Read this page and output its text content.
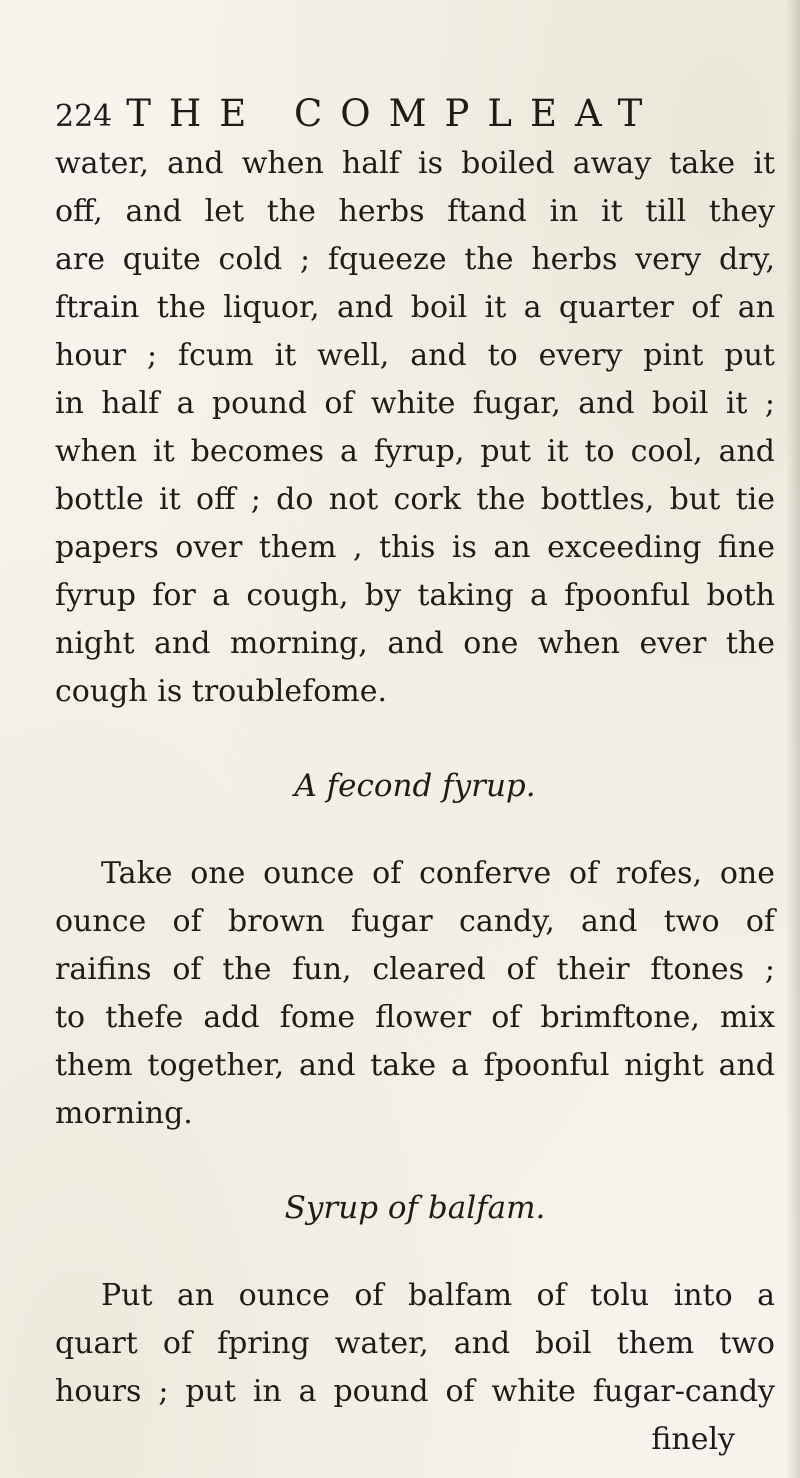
224 THE COMPLEAT
water, and when half is boiled away take it
off, and let the herbs ftand in it till they
are quite cold ; fqueeze the herbs very dry,
ftrain the liquor, and boil it a quarter of an
hour ; fcum it well, and to every pint put
in half a pound of white fugar, and boil it ;
when it becomes a fyrup, put it to cool, and
bottle it off ; do not cork the bottles, but tie
papers over them , this is an exceeding fine
fyrup for a cough, by taking a fpoonful both
night and morning, and one when ever the
cough is troublefome.
A fecond fyrup.
Take one ounce of conferve of rofes, one
ounce of brown fugar candy, and two of
raifins of the fun, cleared of their ftones ;
to thefe add fome flower of brimftone, mix
them together, and take a fpoonful night and
morning.
Syrup of balfam.
Put an ounce of balfam of tolu into a
quart of fpring water, and boil them two
hours ; put in a pound of white fugar-candy
finely
